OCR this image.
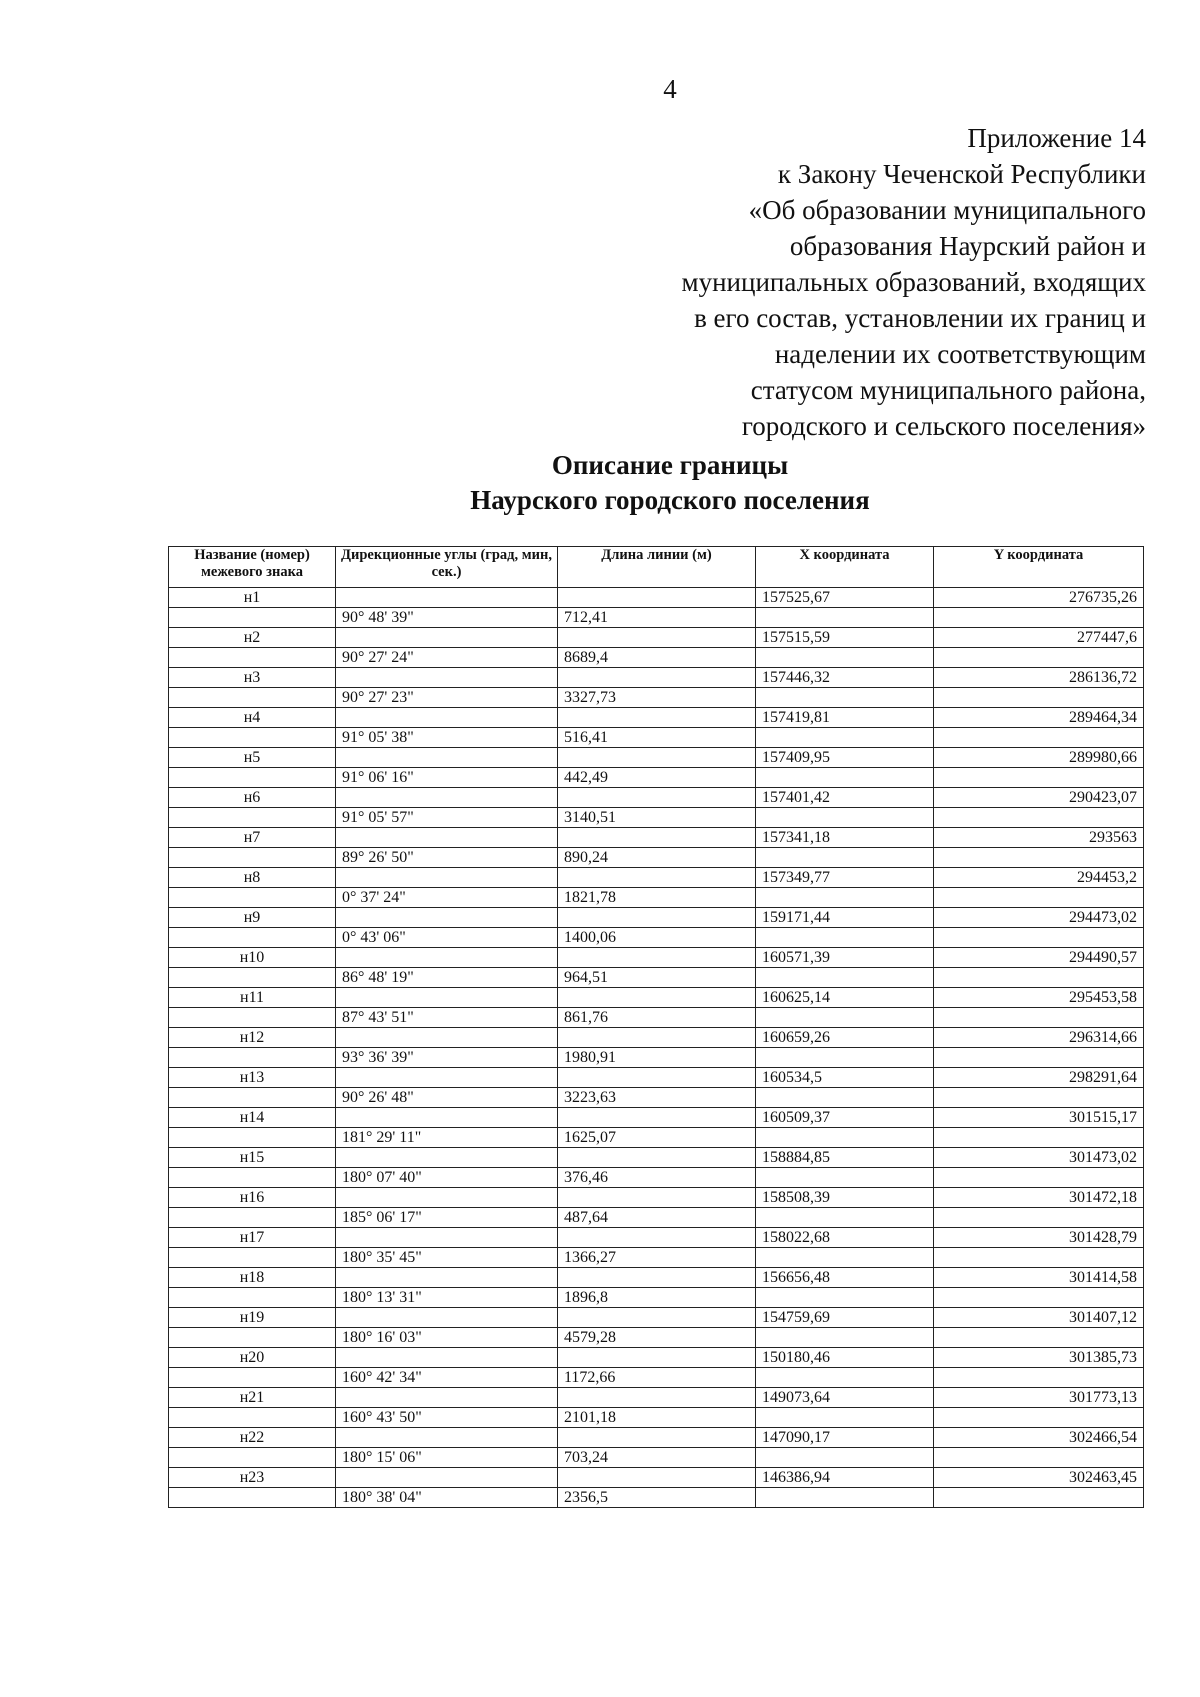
4
Приложение 14
к Закону Чеченской Республики
«Об образовании муниципального
образования Наурский район и
муниципальных образований, входящих
в его состав, установлении их границ и
наделении их соответствующим
статусом муниципального района,
городского и сельского поселения»
Описание границы
Наурского городского поселения
Название (номер) межевого знака	Дирекционные углы (град, мин, сек.)	Длина линии (м)	X координата	Y координата
н1			157525,67	276735,26
	90° 48' 39"	712,41		
н2			157515,59	277447,6
	90° 27' 24"	8689,4		
н3			157446,32	286136,72
	90° 27' 23"	3327,73		
н4			157419,81	289464,34
	91° 05' 38"	516,41		
н5			157409,95	289980,66
	91° 06' 16"	442,49		
н6			157401,42	290423,07
	91° 05' 57"	3140,51		
н7			157341,18	293563
	89° 26' 50"	890,24		
н8			157349,77	294453,2
	0° 37' 24"	1821,78		
н9			159171,44	294473,02
	0° 43' 06"	1400,06		
н10			160571,39	294490,57
	86° 48' 19"	964,51		
н11			160625,14	295453,58
	87° 43' 51"	861,76		
н12			160659,26	296314,66
	93° 36' 39"	1980,91		
н13			160534,5	298291,64
	90° 26' 48"	3223,63		
н14			160509,37	301515,17
	181° 29' 11"	1625,07		
н15			158884,85	301473,02
	180° 07' 40"	376,46		
н16			158508,39	301472,18
	185° 06' 17"	487,64		
н17			158022,68	301428,79
	180° 35' 45"	1366,27		
н18			156656,48	301414,58
	180° 13' 31"	1896,8		
н19			154759,69	301407,12
	180° 16' 03"	4579,28		
н20			150180,46	301385,73
	160° 42' 34"	1172,66		
н21			149073,64	301773,13
	160° 43' 50"	2101,18		
н22			147090,17	302466,54
	180° 15' 06"	703,24		
н23			146386,94	302463,45
	180° 38' 04"	2356,5		
